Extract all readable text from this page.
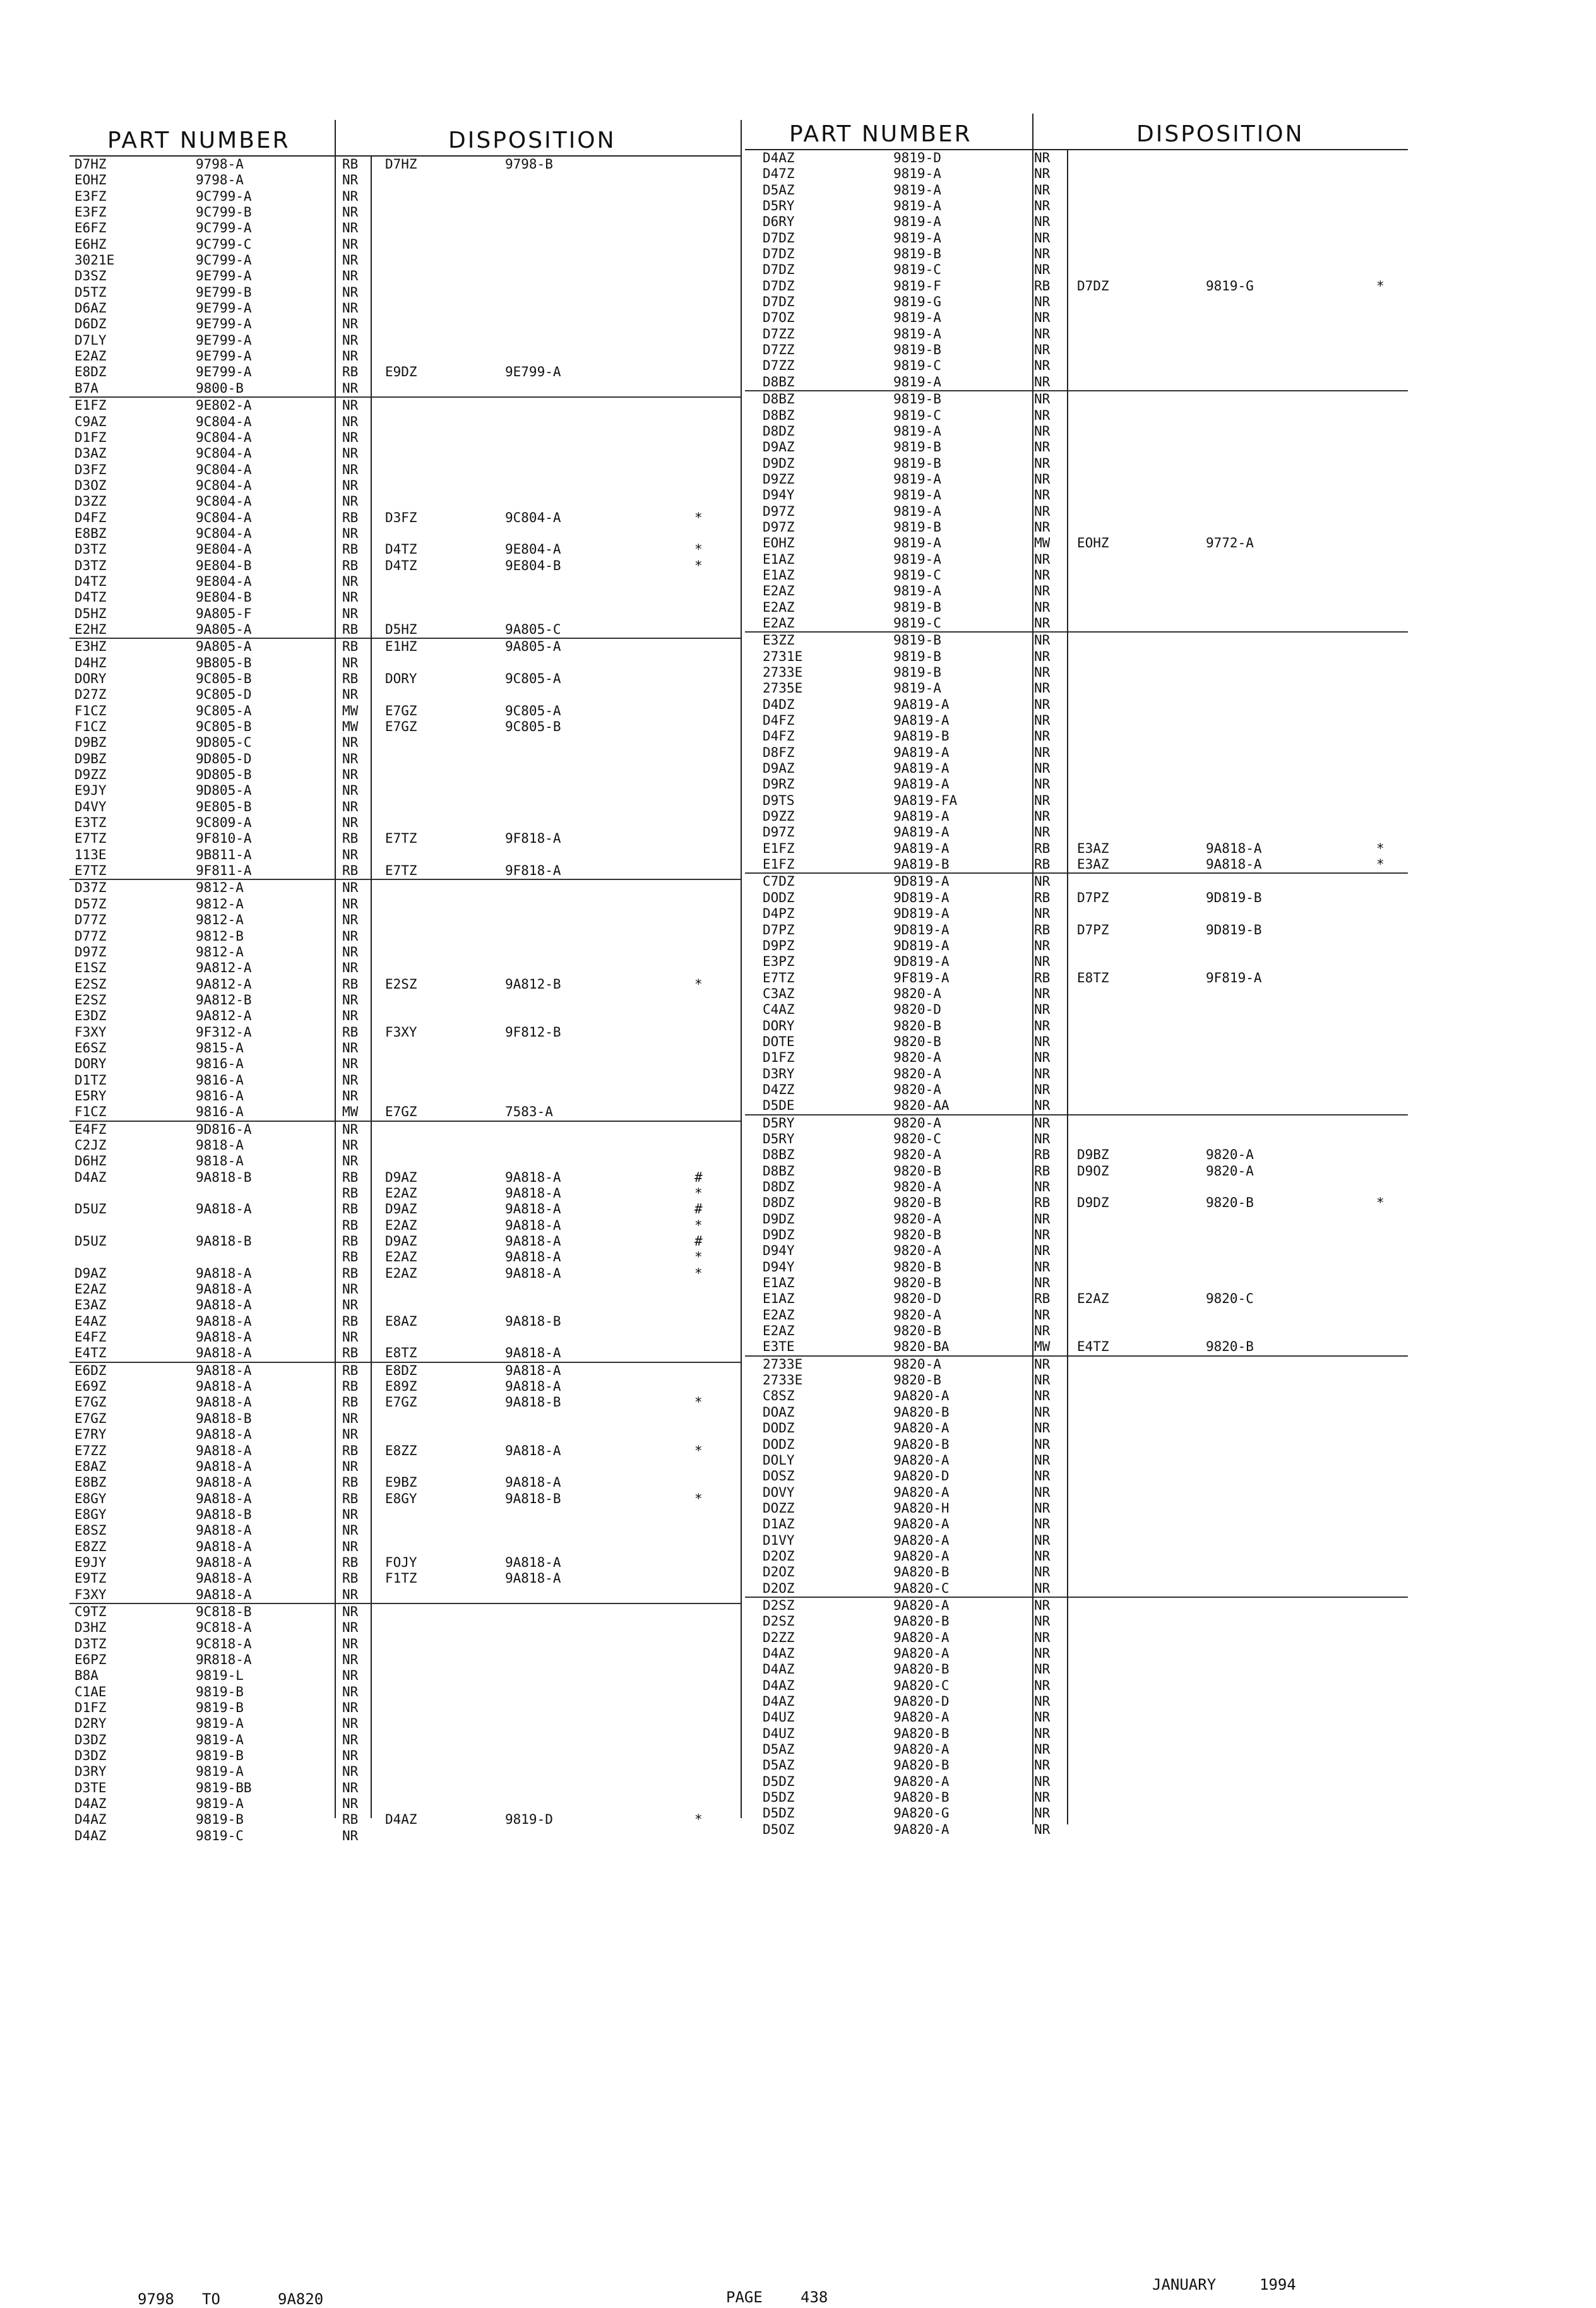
PART NUMBER	DISPOSITION
D7HZ	9798-A	RB D7HZ	9798-B
EOHZ	9798-A	NR
E3FZ	9C799-A	NR
E3FZ	9C799-B	NR
E6FZ	9C799-A	NR
E6HZ	9C799-C	NR
3021E	9C799-A	NR
D3SZ	9E799-A	NR
D5TZ	9E799-B	NR
D6AZ	9E799-A	NR
D6DZ	9E799-A	NR
D7LY	9E799-A	NR
E2AZ	9E799-A	NR
E8DZ	9E799-A	RB E9DZ	9E799-A
B7A	9800-B	NR
E1FZ	9E802-A	NR
C9AZ	9C804-A	NR
D1FZ	9C804-A	NR
D3AZ	9C804-A	NR
D3FZ	9C804-A	NR
D3OZ	9C804-A	NR
D3ZZ	9C804-A	NR
D4FZ	9C804-A	RB D3FZ	9C804-A	*
E8BZ	9C804-A	NR
D3TZ	9E804-A	RB D4TZ	9E804-A	*
D3TZ	9E804-B	RB D4TZ	9E804-B	*
D4TZ	9E804-A	NR
D4TZ	9E804-B	NR
D5HZ	9A805-F	NR
E2HZ	9A805-A	RB D5HZ	9A805-C
E3HZ	9A805-A	RB E1HZ	9A805-A
D4HZ	9B805-B	NR
DORY	9C805-B	RB DORY	9C805-A
D27Z	9C805-D	NR
F1CZ	9C805-A	MW E7GZ	9C805-A
F1CZ	9C805-B	MW E7GZ	9C805-B
D9BZ	9D805-C	NR
D9BZ	9D805-D	NR
D9ZZ	9D805-B	NR
E9JY	9D805-A	NR
D4VY	9E805-B	NR
E3TZ	9C809-A	NR
E7TZ	9F810-A	RB E7TZ	9F818-A
113E	9B811-A	NR
E7TZ	9F811-A	RB E7TZ	9F818-A
D37Z	9812-A	NR
D57Z	9812-A	NR
D77Z	9812-A	NR
D77Z	9812-B	NR
D97Z	9812-A	NR
E1SZ	9A812-A	NR
E2SZ	9A812-A	RB E2SZ	9A812-B	*
E2SZ	9A812-B	NR
E3DZ	9A812-A	NR
F3XY	9F312-A	RB F3XY	9F812-B
E6SZ	9815-A	NR
DORY	9816-A	NR
D1TZ	9816-A	NR
E5RY	9816-A	NR
F1CZ	9816-A	MW E7GZ	7583-A
E4FZ	9D816-A	NR
C2JZ	9818-A	NR
D6HZ	9818-A	NR
D4AZ	9A818-B	RB D9AZ	9A818-A	#
RB E2AZ	9A818-A	*
D5UZ	9A818-A	RB D9AZ	9A818-A	#
RB E2AZ	9A818-A	*
D5UZ	9A818-B	RB D9AZ	9A818-A	#
RB E2AZ	9A818-A	*
D9AZ	9A818-A	RB E2AZ	9A818-A	*
E2AZ	9A818-A	NR
E3AZ	9A818-A	NR
E4AZ	9A818-A	RB E8AZ	9A818-B
E4FZ	9A818-A	NR
E4TZ	9A818-A	RB E8TZ	9A818-A
E6DZ	9A818-A	RB E8DZ	9A818-A
E69Z	9A818-A	RB E89Z	9A818-A
E7GZ	9A818-A	RB E7GZ	9A818-B	*
E7GZ	9A818-B	NR
E7RY	9A818-A	NR
E7ZZ	9A818-A	RB E8ZZ	9A818-A	*
E8AZ	9A818-A	NR
E8BZ	9A818-A	RB E9BZ	9A818-A
E8GY	9A818-A	RB E8GY	9A818-B	*
E8GY	9A818-B	NR
E8SZ	9A818-A	NR
E8ZZ	9A818-A	NR
E9JY	9A818-A	RB FOJY	9A818-A
E9TZ	9A818-A	RB F1TZ	9A818-A
F3XY	9A818-A	NR
C9TZ	9C818-B	NR
D3HZ	9C818-A	NR
D3TZ	9C818-A	NR
E6PZ	9R818-A	NR
B8A	9819-L	NR
C1AE	9819-B	NR
D1FZ	9819-B	NR
D2RY	9819-A	NR
D3DZ	9819-A	NR
D3DZ	9819-B	NR
D3RY	9819-A	NR
D3TE	9819-BB	NR
D4AZ	9819-A	NR
D4AZ	9819-B	RB D4AZ	9819-D	*
D4AZ	9819-C	NR
PART NUMBER	DISPOSITION
D4AZ	9819-D	NR
D47Z	9819-A	NR
D5AZ	9819-A	NR
D5RY	9819-A	NR
D6RY	9819-A	NR
D7DZ	9819-A	NR
D7DZ	9819-B	NR
D7DZ	9819-C	NR
D7DZ	9819-F	RB D7DZ	9819-G	*
D7DZ	9819-G	NR
D7OZ	9819-A	NR
D7ZZ	9819-A	NR
D7ZZ	9819-B	NR
D7ZZ	9819-C	NR
D8BZ	9819-A	NR
D8BZ	9819-B	NR
D8BZ	9819-C	NR
D8DZ	9819-A	NR
D9AZ	9819-B	NR
D9DZ	9819-B	NR
D9ZZ	9819-A	NR
D94Y	9819-A	NR
D97Z	9819-A	NR
D97Z	9819-B	NR
EOHZ	9819-A	MW EOHZ	9772-A
E1AZ	9819-A	NR
E1AZ	9819-C	NR
E2AZ	9819-A	NR
E2AZ	9819-B	NR
E2AZ	9819-C	NR
E3ZZ	9819-B	NR
2731E	9819-B	NR
2733E	9819-B	NR
2735E	9819-A	NR
D4DZ	9A819-A	NR
D4FZ	9A819-A	NR
D4FZ	9A819-B	NR
D8FZ	9A819-A	NR
D9AZ	9A819-A	NR
D9RZ	9A819-A	NR
D9TS	9A819-FA	NR
D9ZZ	9A819-A	NR
D97Z	9A819-A	NR
E1FZ	9A819-A	RB E3AZ	9A818-A	*
E1FZ	9A819-B	RB E3AZ	9A818-A	*
C7DZ	9D819-A	NR
DODZ	9D819-A	RB D7PZ	9D819-B
D4PZ	9D819-A	NR
D7PZ	9D819-A	RB D7PZ	9D819-B
D9PZ	9D819-A	NR
E3PZ	9D819-A	NR
E7TZ	9F819-A	RB E8TZ	9F819-A
C3AZ	9820-A	NR
C4AZ	9820-D	NR
DORY	9820-B	NR
DOTE	9820-B	NR
D1FZ	9820-A	NR
D3RY	9820-A	NR
D4ZZ	9820-A	NR
D5DE	9820-AA	NR
D5RY	9820-A	NR
D5RY	9820-C	NR
D8BZ	9820-A	RB D9BZ	9820-A
D8BZ	9820-B	RB D9OZ	9820-A
D8DZ	9820-A	NR
D8DZ	9820-B	RB D9DZ	9820-B	*
D9DZ	9820-A	NR
D9DZ	9820-B	NR
D94Y	9820-A	NR
D94Y	9820-B	NR
E1AZ	9820-B	NR
E1AZ	9820-D	RB E2AZ	9820-C
E2AZ	9820-A	NR
E2AZ	9820-B	NR
E3TE	9820-BA	MW E4TZ	9820-B
2733E	9820-A	NR
2733E	9820-B	NR
C8SZ	9A820-A	NR
DOAZ	9A820-B	NR
DODZ	9A820-A	NR
DODZ	9A820-B	NR
DOLY	9A820-A	NR
DOSZ	9A820-D	NR
DOVY	9A820-A	NR
DOZZ	9A820-H	NR
D1AZ	9A820-A	NR
D1VY	9A820-A	NR
D2OZ	9A820-A	NR
D2OZ	9A820-B	NR
D2OZ	9A820-C	NR
D2SZ	9A820-A	NR
D2SZ	9A820-B	NR
D2ZZ	9A820-A	NR
D4AZ	9A820-A	NR
D4AZ	9A820-B	NR
D4AZ	9A820-C	NR
D4AZ	9A820-D	NR
D4UZ	9A820-A	NR
D4UZ	9A820-B	NR
D5AZ	9A820-A	NR
D5AZ	9A820-B	NR
D5DZ	9A820-A	NR
D5DZ	9A820-B	NR
D5DZ	9A820-G	NR
D5OZ	9A820-A	NR
9798 TO	9A820	PAGE	438
JANUARY	1994
